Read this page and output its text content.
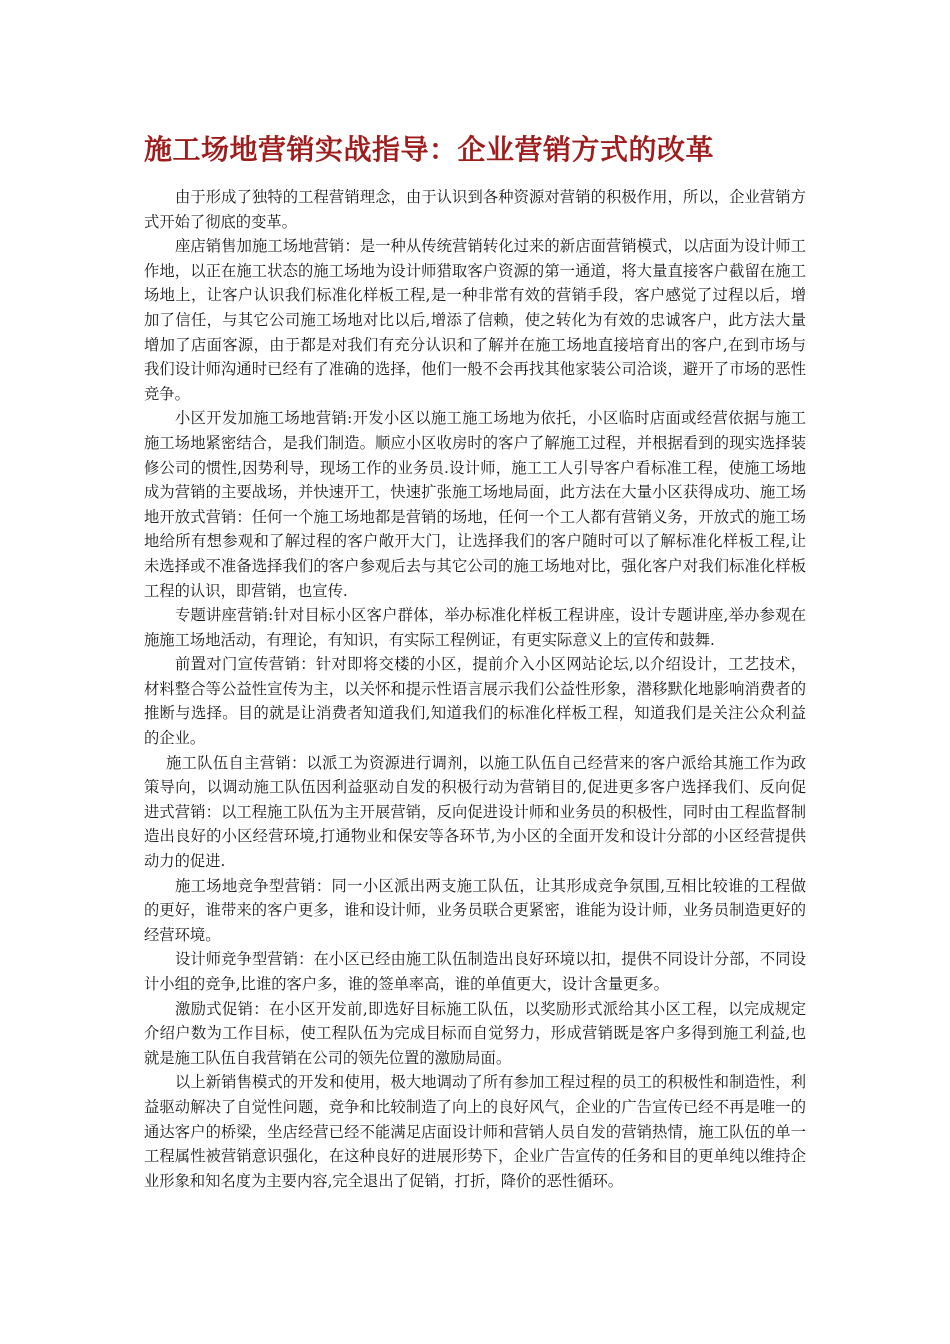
施工场地营销实战指导：企业营销方式的改革

由于形成了独特的工程营销理念，由于认识到各种资源对营销的积极作用，所以，企业营销方式开始了彻底的变革。

座店销售加施工场地营销：是一种从传统营销转化过来的新店面营销模式，以店面为设计师工作地，以正在施工状态的施工场地为设计师猎取客户资源的第一通道，将大量直接客户截留在施工场地上，让客户认识我们标准化样板工程,是一种非常有效的营销手段，客户感觉了过程以后，增加了信任，与其它公司施工场地对比以后,增添了信赖，使之转化为有效的忠诚客户，此方法大量增加了店面客源，由于都是对我们有充分认识和了解并在施工场地直接培育出的客户,在到市场与我们设计师沟通时已经有了准确的选择，他们一般不会再找其他家装公司洽谈，避开了市场的恶性竞争。

小区开发加施工场地营销:开发小区以施工施工场地为依托，小区临时店面或经营依据与施工施工场地紧密结合，是我们制造。顺应小区收房时的客户了解施工过程，并根据看到的现实选择装修公司的惯性,因势利导，现场工作的业务员.设计师，施工工人引导客户看标准工程，使施工场地成为营销的主要战场，并快速开工，快速扩张施工场地局面，此方法在大量小区获得成功、施工场地开放式营销：任何一个施工场地都是营销的场地，任何一个工人都有营销义务，开放式的施工场地给所有想参观和了解过程的客户敞开大门，让选择我们的客户随时可以了解标准化样板工程,让未选择或不准备选择我们的客户参观后去与其它公司的施工场地对比，强化客户对我们标准化样板工程的认识，即营销，也宣传.

专题讲座营销:针对目标小区客户群体，举办标准化样板工程讲座，设计专题讲座,举办参观在施施工场地活动，有理论，有知识，有实际工程例证，有更实际意义上的宣传和鼓舞.

前置对门宣传营销：针对即将交楼的小区，提前介入小区网站论坛,以介绍设计，工艺技术，材料整合等公益性宣传为主，以关怀和提示性语言展示我们公益性形象，潜移默化地影响消费者的推断与选择。目的就是让消费者知道我们,知道我们的标准化样板工程，知道我们是关注公众利益的企业。

施工队伍自主营销：以派工为资源进行调剂，以施工队伍自己经营来的客户派给其施工作为政策导向，以调动施工队伍因利益驱动自发的积极行动为营销目的,促进更多客户选择我们、反向促进式营销：以工程施工队伍为主开展营销，反向促进设计师和业务员的积极性，同时由工程监督制造出良好的小区经营环境,打通物业和保安等各环节,为小区的全面开发和设计分部的小区经营提供动力的促进.

施工场地竞争型营销：同一小区派出两支施工队伍，让其形成竞争氛围,互相比较谁的工程做的更好，谁带来的客户更多，谁和设计师，业务员联合更紧密，谁能为设计师，业务员制造更好的经营环境。

设计师竞争型营销：在小区已经由施工队伍制造出良好环境以扣，提供不同设计分部，不同设计小组的竞争,比谁的客户多，谁的签单率高，谁的单值更大，设计含量更多。

激励式促销：在小区开发前,即选好目标施工队伍，以奖励形式派给其小区工程，以完成规定介绍户数为工作目标，使工程队伍为完成目标而自觉努力，形成营销既是客户多得到施工利益,也就是施工队伍自我营销在公司的领先位置的激励局面。

以上新销售模式的开发和使用，极大地调动了所有参加工程过程的员工的积极性和制造性，利益驱动解决了自觉性问题，竞争和比较制造了向上的良好风气，企业的广告宣传已经不再是唯一的通达客户的桥梁，坐店经营已经不能满足店面设计师和营销人员自发的营销热情，施工队伍的单一工程属性被营销意识强化，在这种良好的进展形势下，企业广告宣传的任务和目的更单纯以维持企业形象和知名度为主要内容,完全退出了促销，打折，降价的恶性循环。
